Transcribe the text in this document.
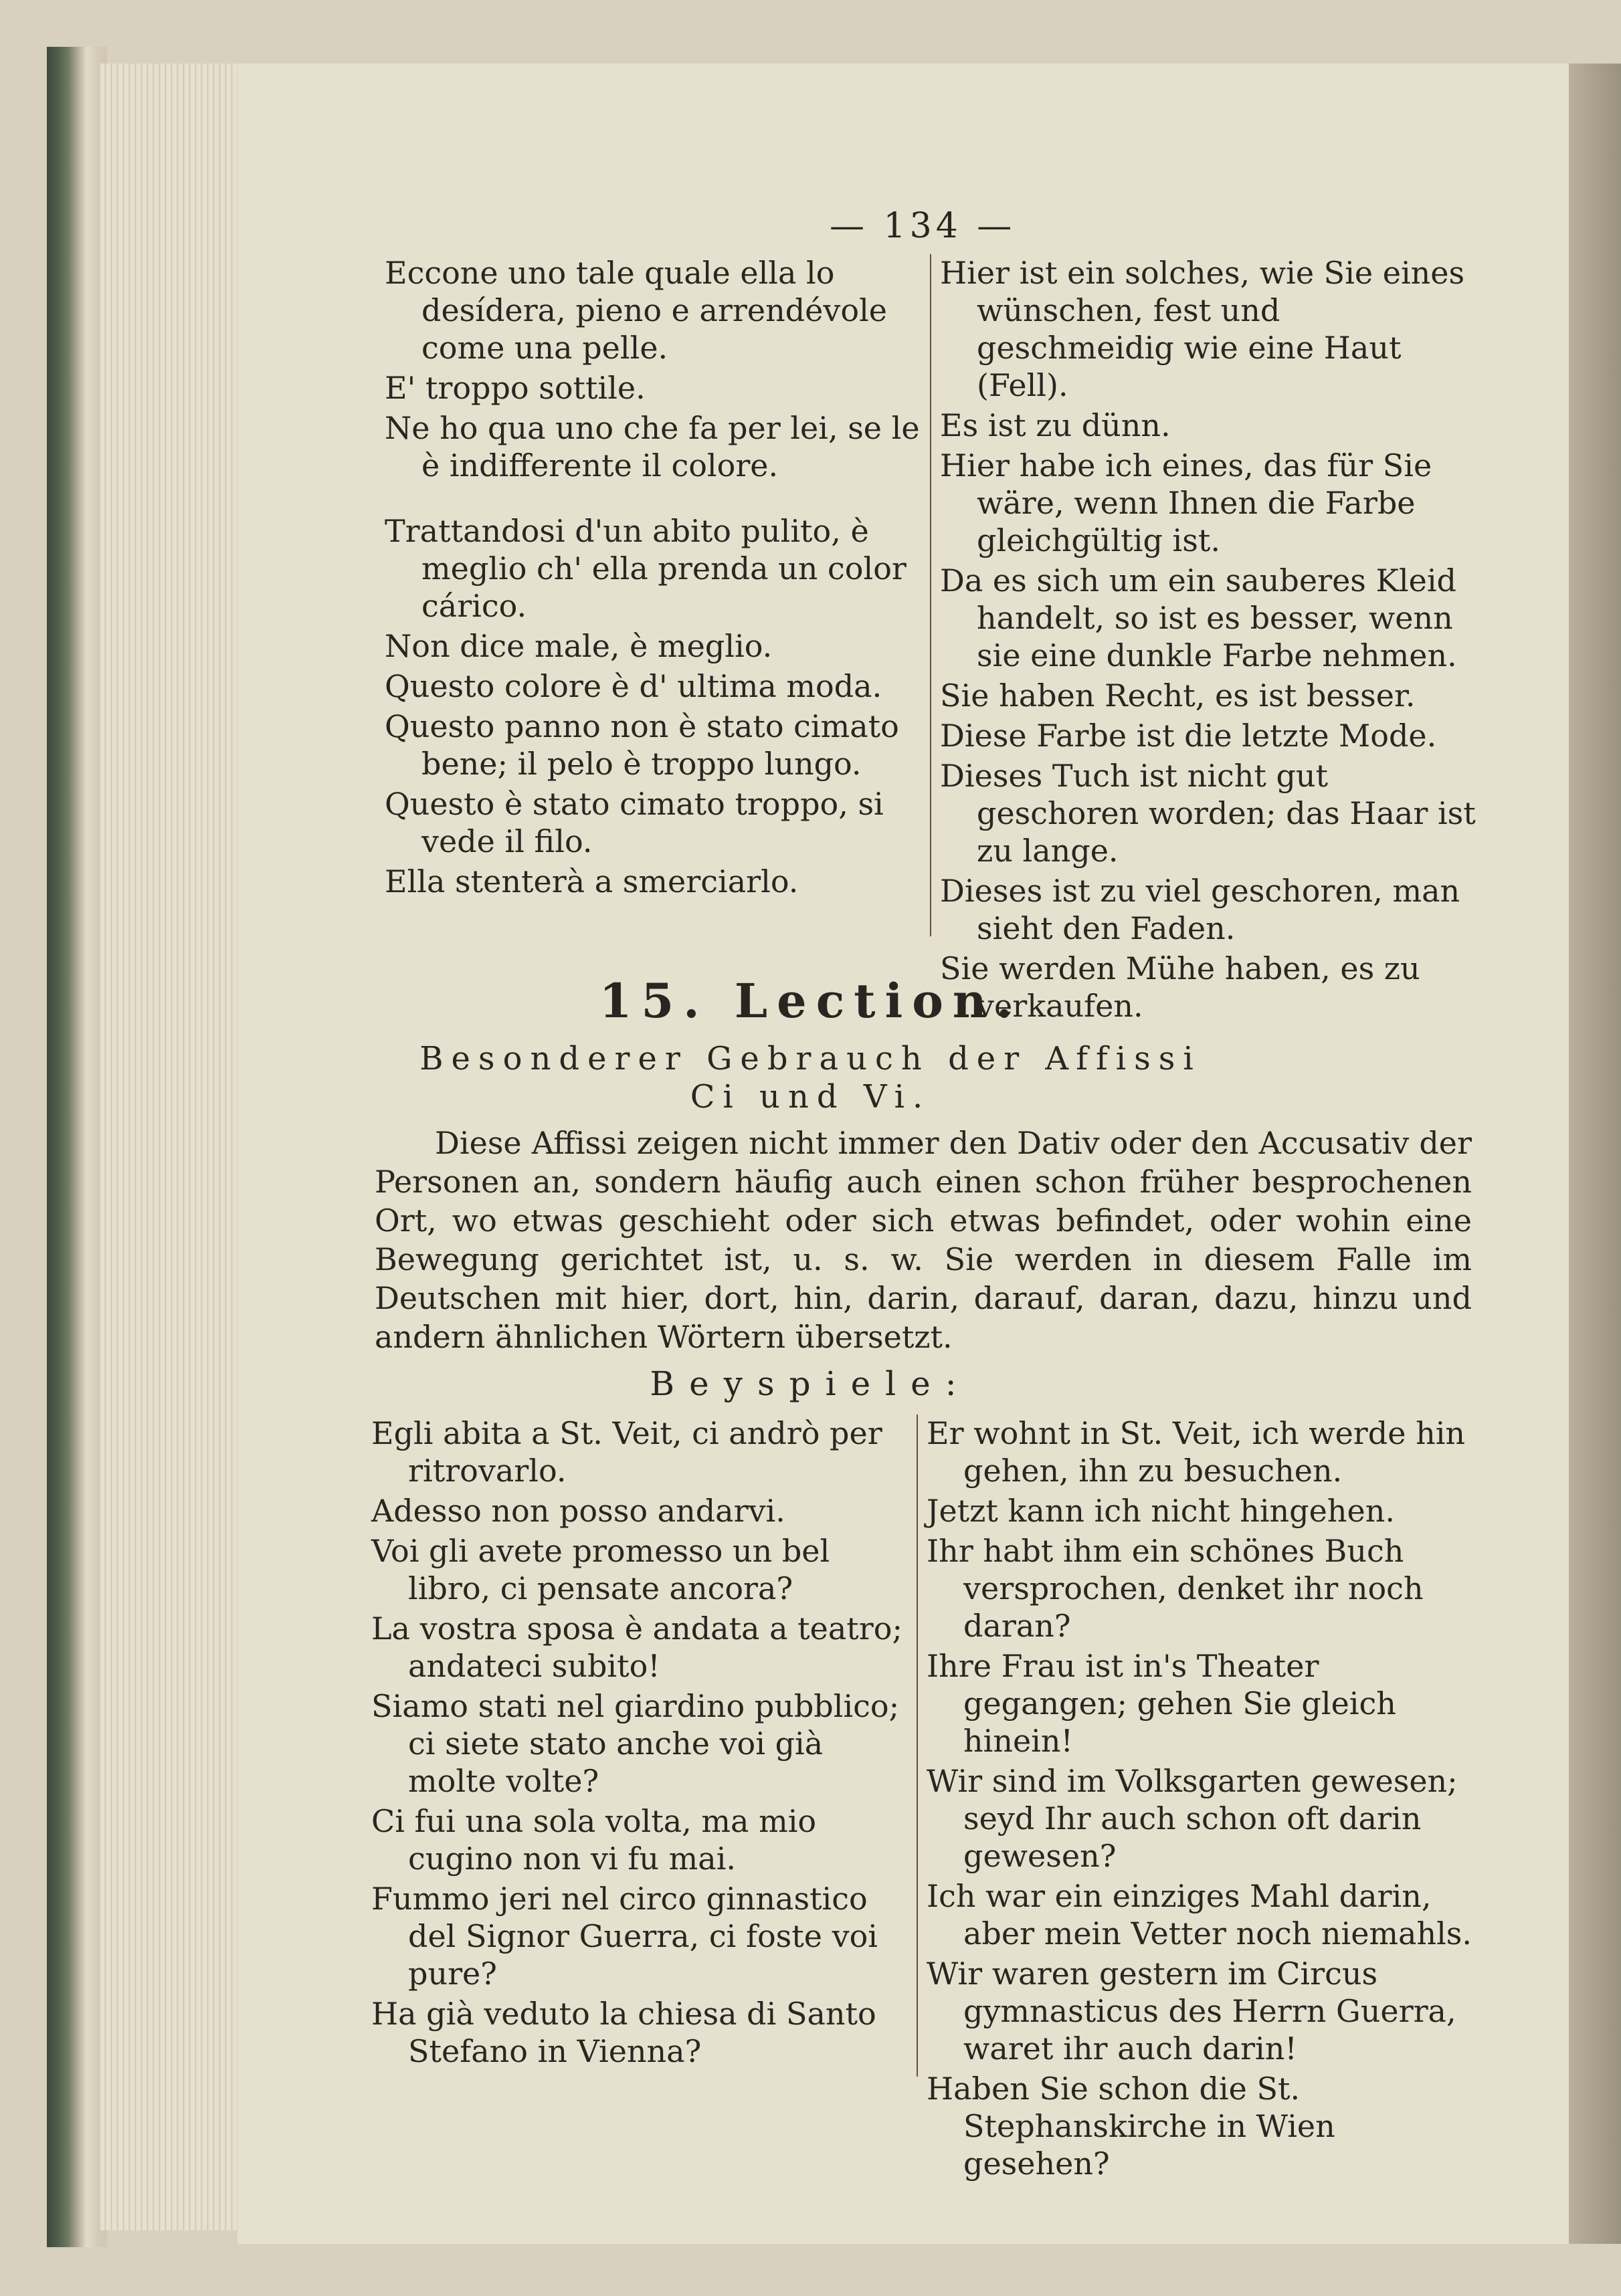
— 134 —

Eccone uno tale quale ella lo desídera, pieno e arrendévole come una pelle.

E' troppo sottile.

Ne ho qua uno che fa per lei, se le è indifferente il colore.

Trattandosi d'un abito pulito, è meglio ch' ella prenda un color cárico.

Non dice male, è meglio.

Questo colore è d' ultima moda.

Questo panno non è stato cimato bene; il pelo è troppo lungo.

Questo è stato cimato troppo, si vede il filo.

Ella stenterà a smerciarlo.

Hier ist ein solches, wie Sie eines wünschen, fest und geschmeidig wie eine Haut (Fell).

Es ist zu dünn.

Hier habe ich eines, das für Sie wäre, wenn Ihnen die Farbe gleichgültig ist.

Da es sich um ein sauberes Kleid handelt, so ist es besser, wenn sie eine dunkle Farbe nehmen.

Sie haben Recht, es ist besser.

Diese Farbe ist die letzte Mode.

Dieses Tuch ist nicht gut geschoren worden; das Haar ist zu lange.

Dieses ist zu viel geschoren, man sieht den Faden.

Sie werden Mühe haben, es zu verkaufen.

15. Lection.
Besonderer Gebrauch der Affissi
Ci und Vi.
Diese Affissi zeigen nicht immer den Dativ oder den Accusativ der Personen an, sondern häufig auch einen schon früher besprochenen Ort, wo etwas geschieht oder sich etwas befindet, oder wohin eine Bewegung gerichtet ist, u. s. w. Sie werden in diesem Falle im Deutschen mit hier, dort, hin, darin, darauf, daran, dazu, hinzu und andern ähnlichen Wörtern übersetzt.
Beyspiele:

Egli abita a St. Veit, ci andrò per ritrovarlo.

Adesso non posso andarvi.

Voi gli avete promesso un bel libro, ci pensate ancora?

La vostra sposa è andata a teatro; andateci subito!

Siamo stati nel giardino pubblico; ci siete stato anche voi già molte volte?

Ci fui una sola volta, ma mio cugino non vi fu mai.

Fummo jeri nel circo ginnastico del Signor Guerra, ci foste voi pure?

Ha già veduto la chiesa di Santo Stefano in Vienna?

Er wohnt in St. Veit, ich werde hin gehen, ihn zu besuchen.

Jetzt kann ich nicht hingehen.

Ihr habt ihm ein schönes Buch versprochen, denket ihr noch daran?

Ihre Frau ist in's Theater gegangen; gehen Sie gleich hinein!

Wir sind im Volksgarten gewesen; seyd Ihr auch schon oft darin gewesen?

Ich war ein einziges Mahl darin, aber mein Vetter noch niemahls.

Wir waren gestern im Circus gymnasticus des Herrn Guerra, waret ihr auch darin!

Haben Sie schon die St. Stephanskirche in Wien gesehen?
